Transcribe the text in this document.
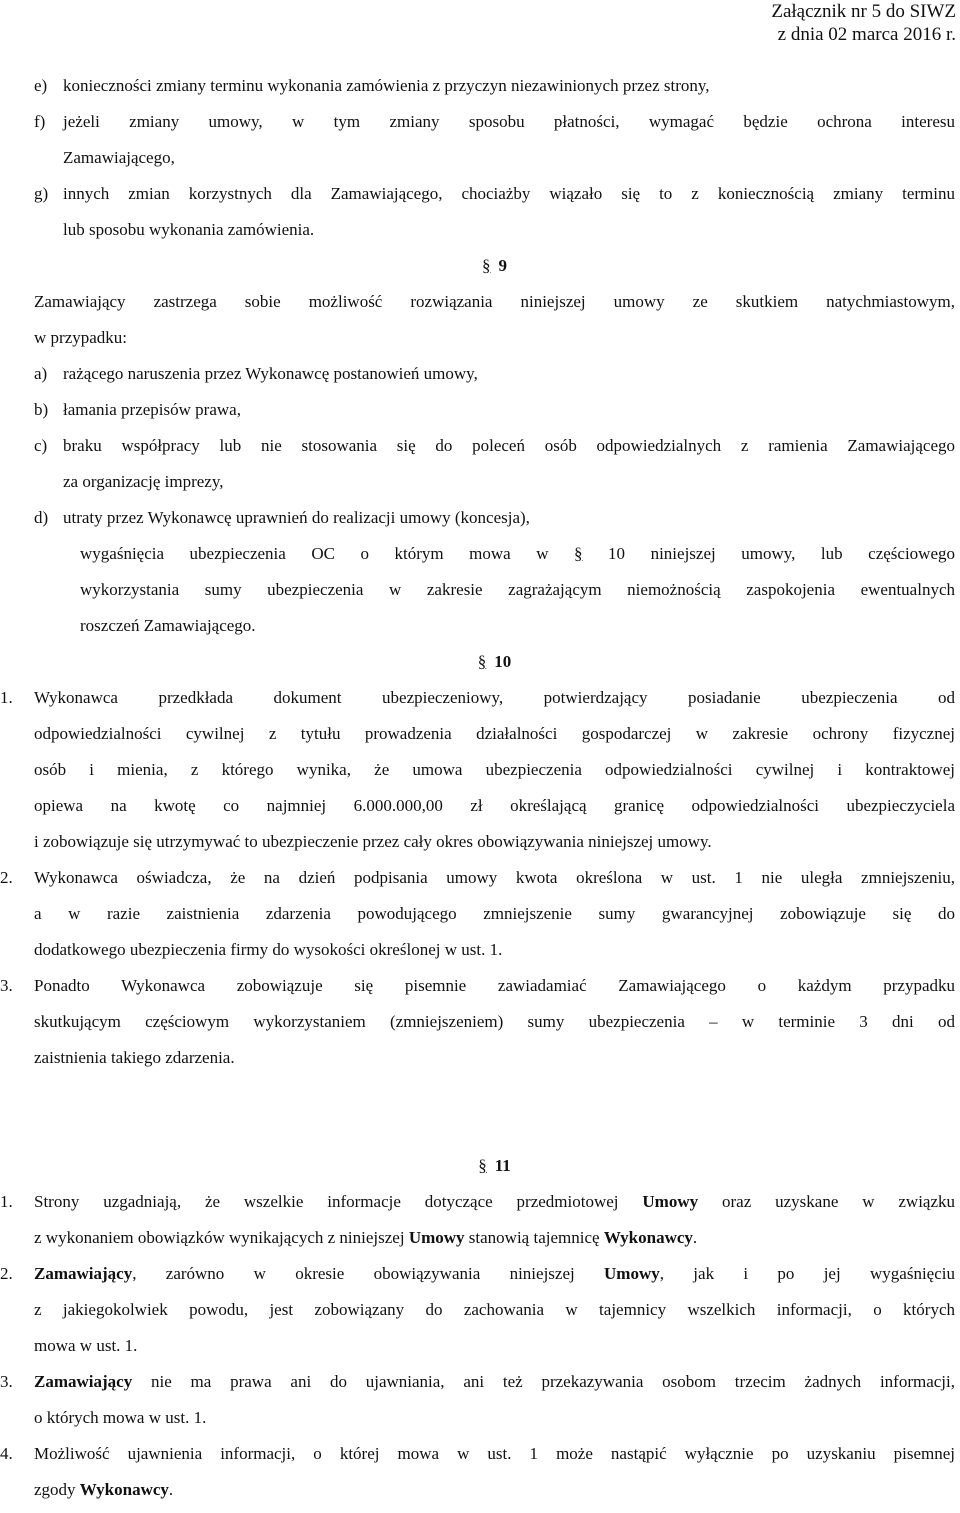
Załącznik nr 5 do SIWZ
z dnia 02 marca 2016 r.
e) konieczności zmiany terminu wykonania zamówienia z przyczyn niezawinionych przez strony,
f)	jeżeli zmiany umowy, w tym zmiany sposobu płatności, wymagać będzie ochrona interesu
Zamawiającego,
g) innych zmian korzystnych dla Zamawiającego, chociażby wiązało się to z koniecznością zmiany terminu
lub sposobu wykonania zamówienia.
§ 9
Zamawiający zastrzega sobie możliwość rozwiązania niniejszej umowy ze skutkiem natychmiastowym,
w przypadku:
a) rażącego naruszenia przez Wykonawcę postanowień umowy,
b) łamania przepisów prawa,
c) braku współpracy lub nie stosowania się do poleceń osób odpowiedzialnych z ramienia Zamawiającego
za organizację imprezy,
d) utraty przez Wykonawcę uprawnień do realizacji umowy (koncesja),
wygaśnięcia ubezpieczenia OC o którym mowa w § 10 niniejszej umowy, lub częściowego
wykorzystania sumy ubezpieczenia w zakresie zagrażającym niemożnością zaspokojenia ewentualnych
roszczeń Zamawiającego.
§ 10
1. Wykonawca przedkłada dokument ubezpieczeniowy, potwierdzający posiadanie ubezpieczenia od
odpowiedzialności cywilnej z tytułu prowadzenia działalności gospodarczej w zakresie ochrony fizycznej
osób i mienia, z którego wynika, że umowa ubezpieczenia odpowiedzialności cywilnej i kontraktowej
opiewa na kwotę co najmniej 6.000.000,00 zł określającą granicę odpowiedzialności ubezpieczyciela
i zobowiązuje się utrzymywać to ubezpieczenie przez cały okres obowiązywania niniejszej umowy.
2. Wykonawca oświadcza, że na dzień podpisania umowy kwota określona w ust. 1 nie uległa zmniejszeniu,
a w razie zaistnienia zdarzenia powodującego zmniejszenie sumy gwarancyjnej zobowiązuje się do
dodatkowego ubezpieczenia firmy do wysokości określonej w ust. 1.
3. Ponadto Wykonawca zobowiązuje się pisemnie zawiadamiać Zamawiającego o każdym przypadku
skutkującym częściowym wykorzystaniem (zmniejszeniem) sumy ubezpieczenia – w terminie 3 dni od
zaistnienia takiego zdarzenia.
§ 11
1. Strony uzgadniają, że wszelkie informacje dotyczące przedmiotowej Umowy oraz uzyskane w związku
z wykonaniem obowiązków wynikających z niniejszej Umowy stanowią tajemnicę Wykonawcy.
2. Zamawiający, zarówno w okresie obowiązywania niniejszej Umowy, jak i po jej wygaśnięciu
z jakiegokolwiek powodu, jest zobowiązany do zachowania w tajemnicy wszelkich informacji, o których
mowa w ust. 1.
3. Zamawiający nie ma prawa ani do ujawniania, ani też przekazywania osobom trzecim żadnych informacji,
o których mowa w ust. 1.
4. Możliwość ujawnienia informacji, o której mowa w ust. 1 może nastąpić wyłącznie po uzyskaniu pisemnej
zgody Wykonawcy.
